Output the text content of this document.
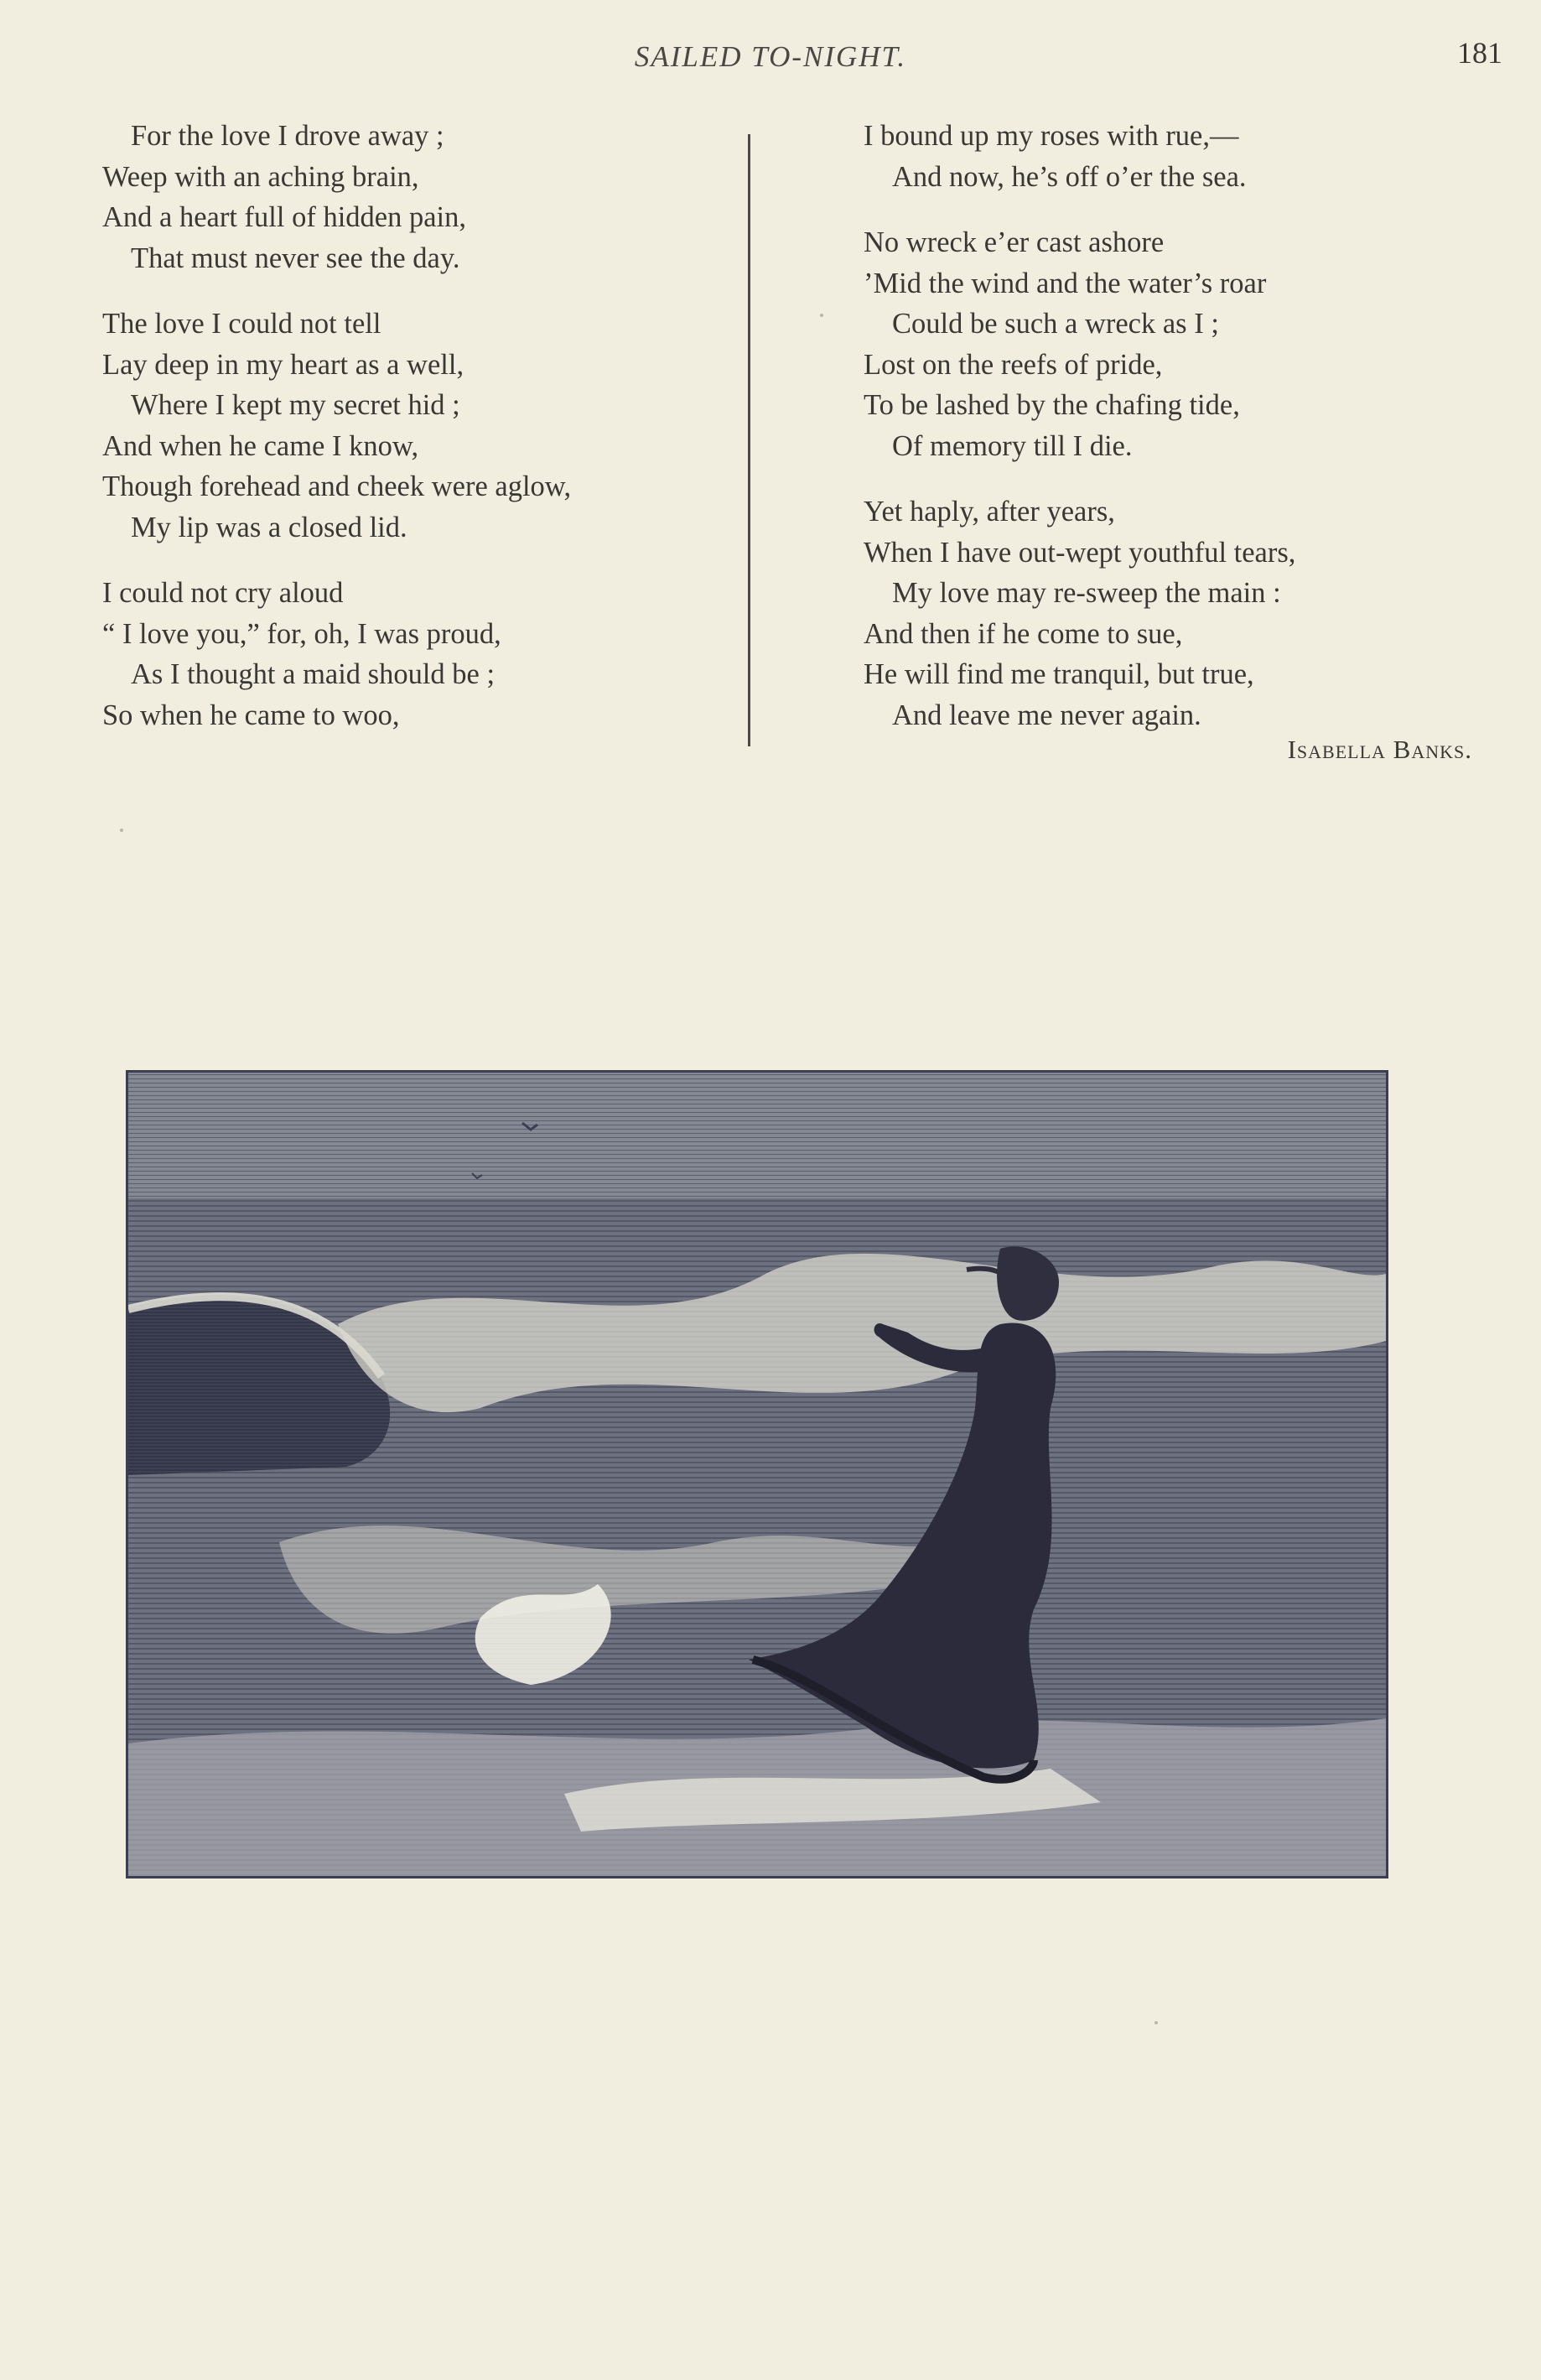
SAILED TO-NIGHT.	181
For the love I drove away ;
Weep with an aching brain,
And a heart full of hidden pain,
That must never see the day.
The love I could not tell
Lay deep in my heart as a well,
Where I kept my secret hid ;
And when he came I know,
Though forehead and cheek were aglow,
My lip was a closed lid.
I could not cry aloud
“ I love you,” for, oh, I was proud,
As I thought a maid should be ;
So when he came to woo,
I bound up my roses with rue,—
And now, he’s off o’er the sea.
No wreck e’er cast ashore
’Mid the wind and the water’s roar
Could be such a wreck as I ;
Lost on the reefs of pride,
To be lashed by the chafing tide,
Of memory till I die.
Yet haply, after years,
When I have out-wept youthful tears,
My love may re-sweep the main :
And then if he come to sue,
He will find me tranquil, but true,
And leave me never again.
Isabella Banks.
